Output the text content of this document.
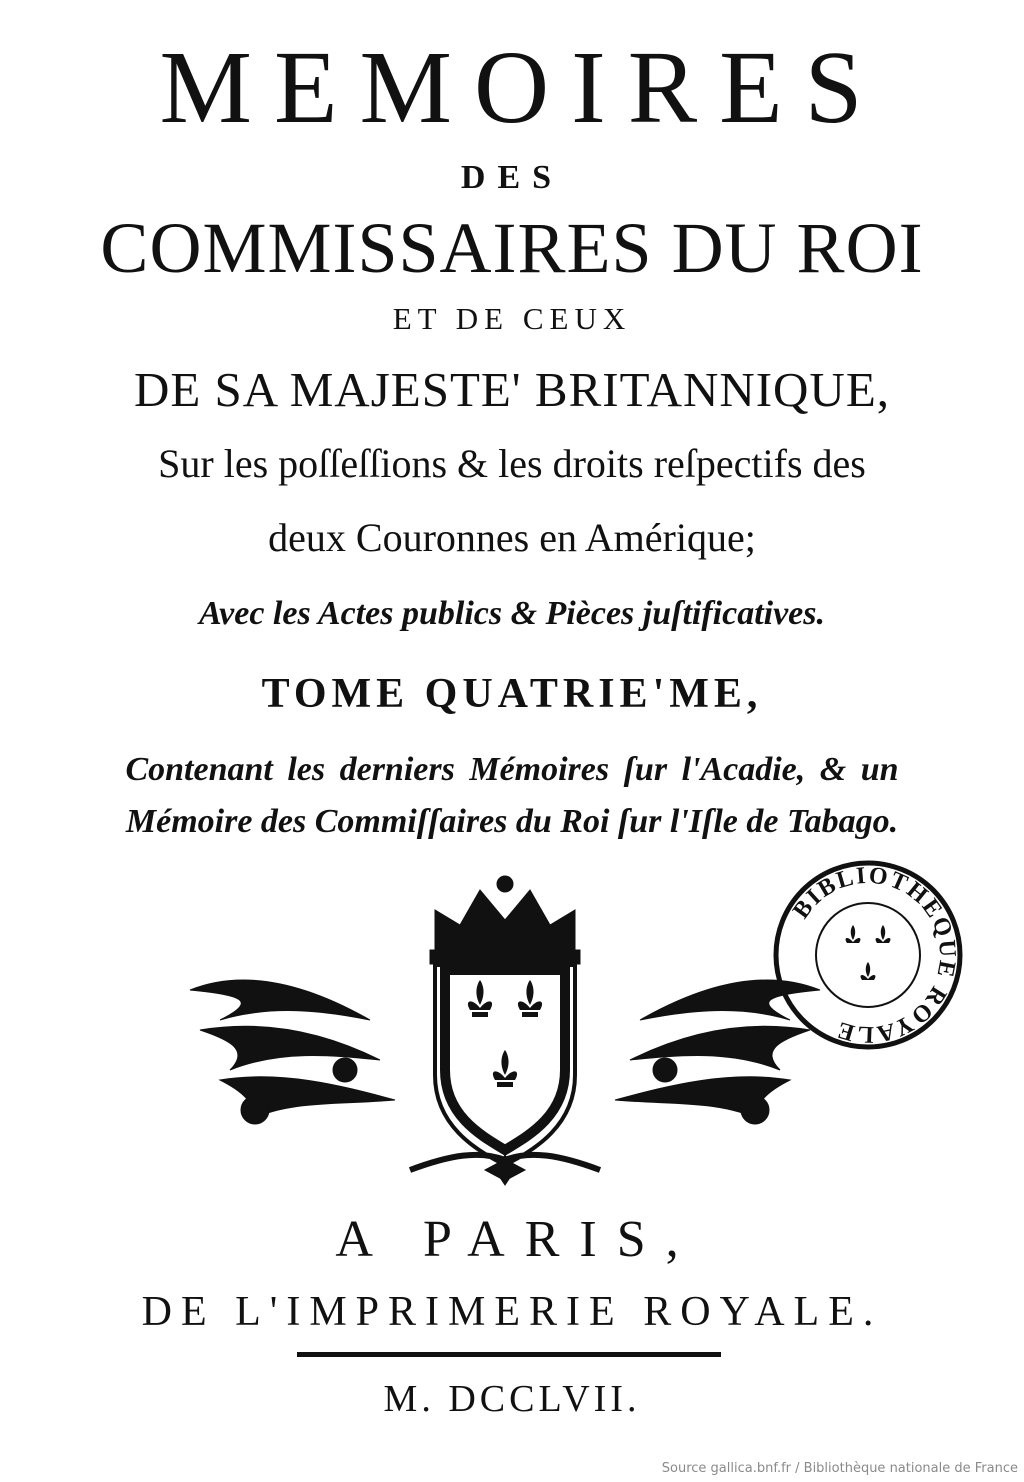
MEMOIRES
DES
COMMISSAIRES DU ROI
ET DE CEUX
DE SA MAJESTE' BRITANNIQUE,
Sur les poſſeſſions & les droits reſpectifs des
deux Couronnes en Amérique;
Avec les Actes publics & Pièces juſtificatives.
TOME QUATRIE'ME,
Contenant les derniers Mémoires ſur l'Acadie, & un
Mémoire des Commiſſaires du Roi ſur l'Iſle de Tabago.
BIBLIOTHEQUE ROYALE
A PARIS,
DE L'IMPRIMERIE ROYALE.
M. DCCLVII.
Source gallica.bnf.fr / Bibliothèque nationale de France
